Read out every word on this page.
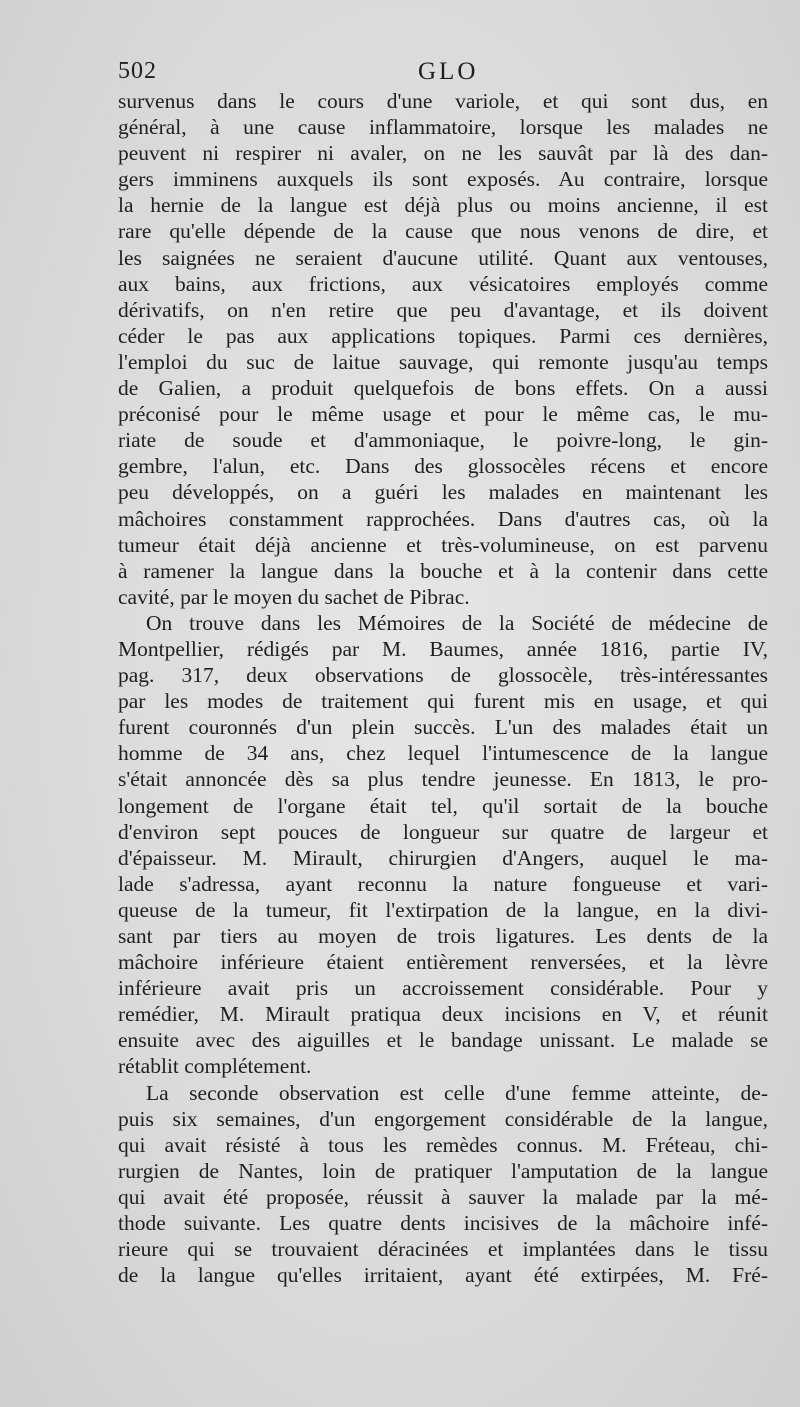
502	GLO
survenus dans le cours d'une variole, et qui sont dus, en
général, à une cause inflammatoire, lorsque les malades ne
peuvent ni respirer ni avaler, on ne les sauvât par là des dan-
gers imminens auxquels ils sont exposés. Au contraire, lorsque
la hernie de la langue est déjà plus ou moins ancienne, il est
rare qu'elle dépende de la cause que nous venons de dire, et
les saignées ne seraient d'aucune utilité. Quant aux ventouses,
aux bains, aux frictions, aux vésicatoires employés comme
dérivatifs, on n'en retire que peu d'avantage, et ils doivent
céder le pas aux applications topiques. Parmi ces dernières,
l'emploi du suc de laitue sauvage, qui remonte jusqu'au temps
de Galien, a produit quelquefois de bons effets. On a aussi
préconisé pour le même usage et pour le même cas, le mu-
riate de soude et d'ammoniaque, le poivre-long, le gin-
gembre, l'alun, etc. Dans des glossocèles récens et encore
peu développés, on a guéri les malades en maintenant les
mâchoires constamment rapprochées. Dans d'autres cas, où la
tumeur était déjà ancienne et très-volumineuse, on est parvenu
à ramener la langue dans la bouche et à la contenir dans cette
cavité, par le moyen du sachet de Pibrac.
On trouve dans les Mémoires de la Société de médecine de
Montpellier, rédigés par M. Baumes, année 1816, partie IV,
pag. 317, deux observations de glossocèle, très-intéressantes
par les modes de traitement qui furent mis en usage, et qui
furent couronnés d'un plein succès. L'un des malades était un
homme de 34 ans, chez lequel l'intumescence de la langue
s'était annoncée dès sa plus tendre jeunesse. En 1813, le pro-
longement de l'organe était tel, qu'il sortait de la bouche
d'environ sept pouces de longueur sur quatre de largeur et
d'épaisseur. M. Mirault, chirurgien d'Angers, auquel le ma-
lade s'adressa, ayant reconnu la nature fongueuse et vari-
queuse de la tumeur, fit l'extirpation de la langue, en la divi-
sant par tiers au moyen de trois ligatures. Les dents de la
mâchoire inférieure étaient entièrement renversées, et la lèvre
inférieure avait pris un accroissement considérable. Pour y
remédier, M. Mirault pratiqua deux incisions en V, et réunit
ensuite avec des aiguilles et le bandage unissant. Le malade se
rétablit complétement.
La seconde observation est celle d'une femme atteinte, de-
puis six semaines, d'un engorgement considérable de la langue,
qui avait résisté à tous les remèdes connus. M. Fréteau, chi-
rurgien de Nantes, loin de pratiquer l'amputation de la langue
qui avait été proposée, réussit à sauver la malade par la mé-
thode suivante. Les quatre dents incisives de la mâchoire infé-
rieure qui se trouvaient déracinées et implantées dans le tissu
de la langue qu'elles irritaient, ayant été extirpées, M. Fré-
